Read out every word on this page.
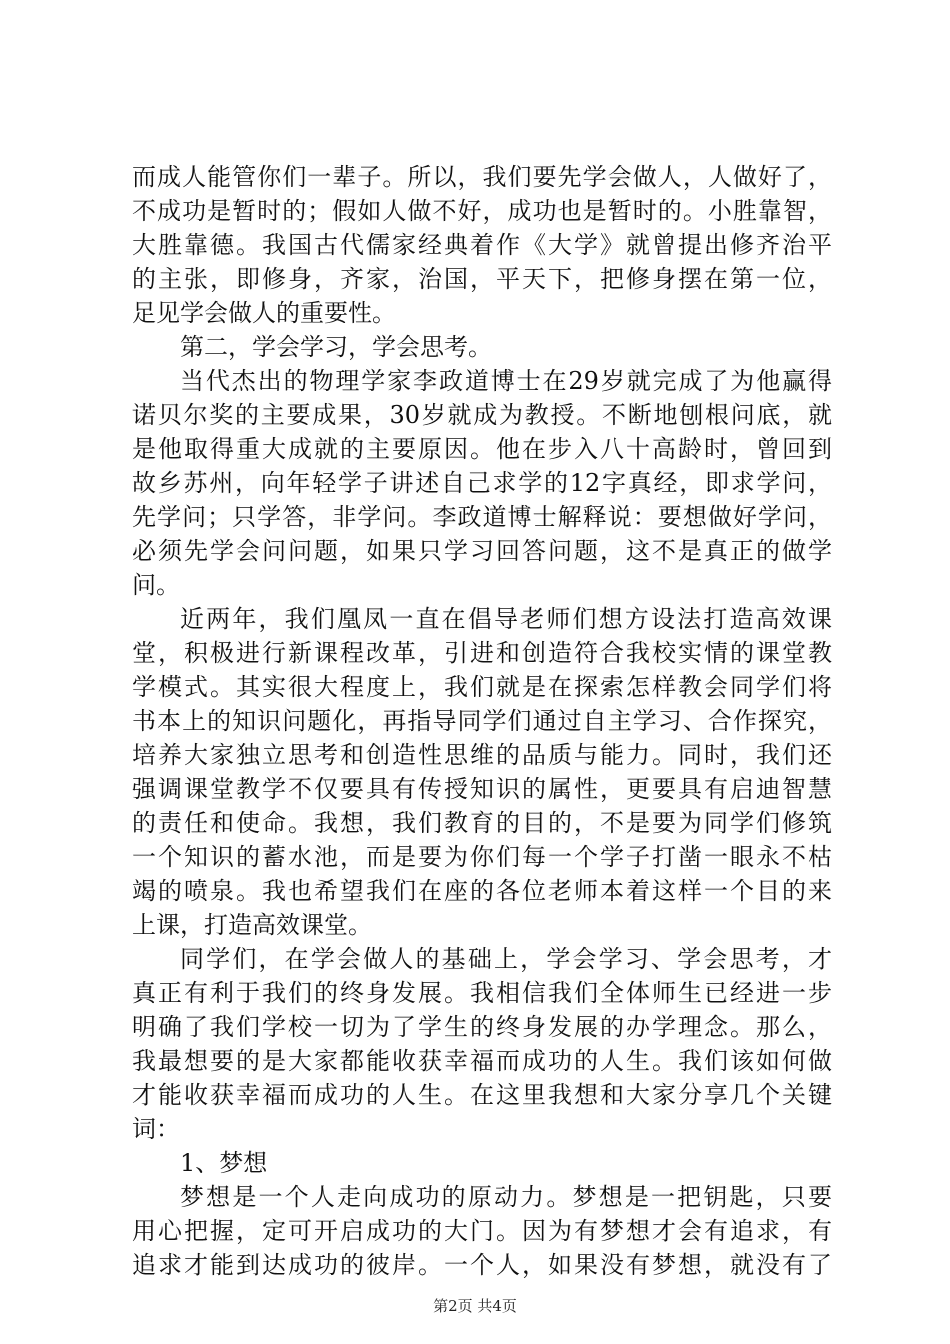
而成人能管你们一辈子。所以，我们要先学会做人，人做好了，
不成功是暂时的；假如人做不好，成功也是暂时的。小胜靠智，
大胜靠德。我国古代儒家经典着作《大学》就曾提出修齐治平
的主张，即修身，齐家，治国，平天下，把修身摆在第一位，
足见学会做人的重要性。
第二，学会学习，学会思考。
当代杰出的物理学家李政道博士在29岁就完成了为他赢得
诺贝尔奖的主要成果，30岁就成为教授。不断地刨根问底，就
是他取得重大成就的主要原因。他在步入八十高龄时，曾回到
故乡苏州，向年轻学子讲述自己求学的12字真经，即求学问，
先学问；只学答，非学问。李政道博士解释说：要想做好学问，
必须先学会问问题，如果只学习回答问题，这不是真正的做学
问。
近两年，我们凰凤一直在倡导老师们想方设法打造高效课
堂，积极进行新课程改革，引进和创造符合我校实情的课堂教
学模式。其实很大程度上，我们就是在探索怎样教会同学们将
书本上的知识问题化，再指导同学们通过自主学习、合作探究，
培养大家独立思考和创造性思维的品质与能力。同时，我们还
强调课堂教学不仅要具有传授知识的属性，更要具有启迪智慧
的责任和使命。我想，我们教育的目的，不是要为同学们修筑
一个知识的蓄水池，而是要为你们每一个学子打凿一眼永不枯
竭的喷泉。我也希望我们在座的各位老师本着这样一个目的来
上课，打造高效课堂。
同学们，在学会做人的基础上，学会学习、学会思考，才
真正有利于我们的终身发展。我相信我们全体师生已经进一步
明确了我们学校一切为了学生的终身发展的办学理念。那么，
我最想要的是大家都能收获幸福而成功的人生。我们该如何做
才能收获幸福而成功的人生。在这里我想和大家分享几个关键
词：
1、梦想
梦想是一个人走向成功的原动力。梦想是一把钥匙，只要
用心把握，定可开启成功的大门。因为有梦想才会有追求，有
追求才能到达成功的彼岸。一个人，如果没有梦想，就没有了
第2页 共4页
